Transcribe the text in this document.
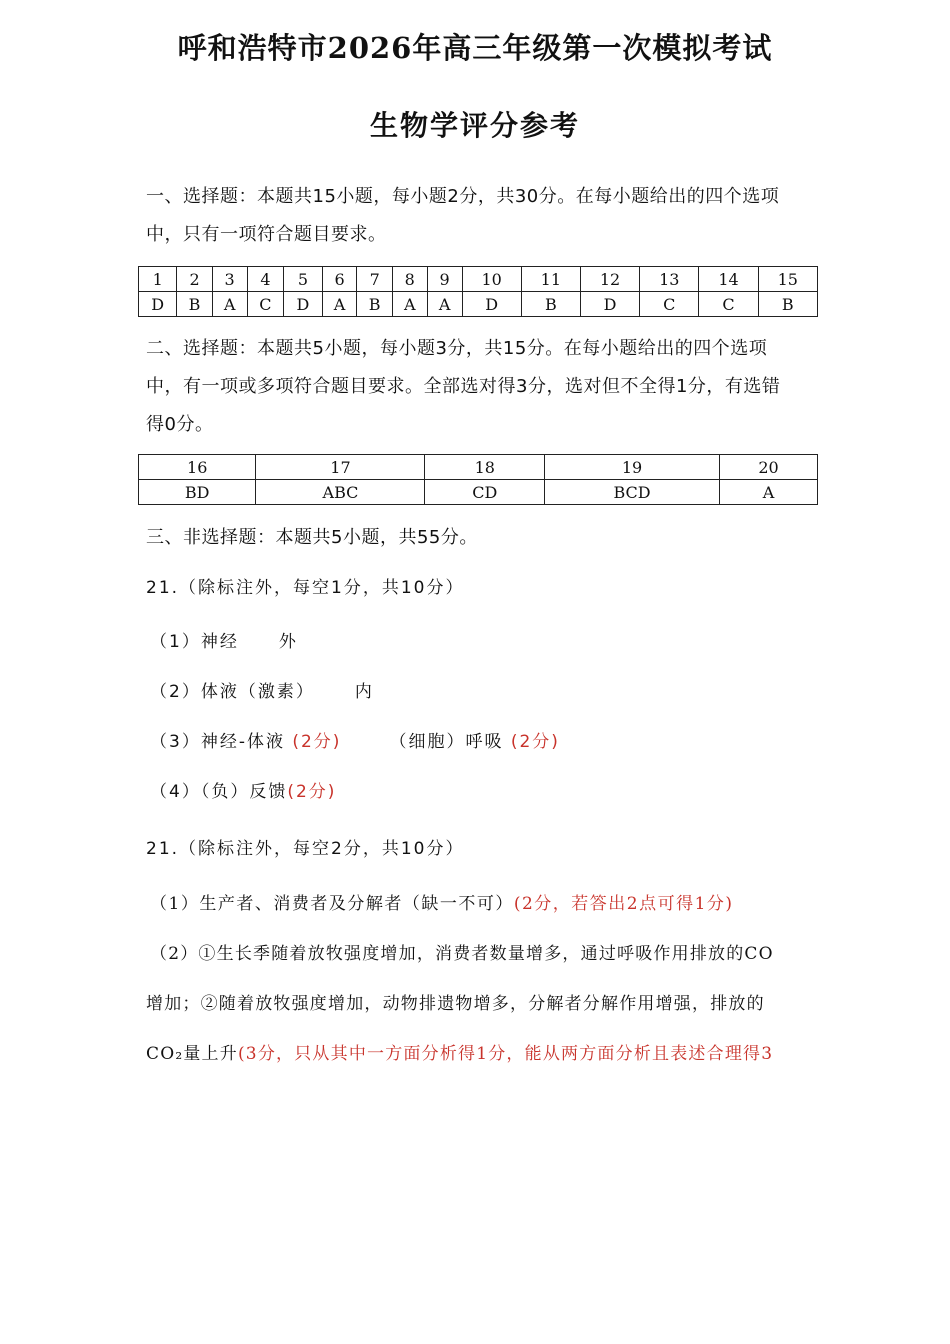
呼和浩特市2026年高三年级第一次模拟考试
生物学评分参考
一、选择题：本题共15小题，每小题2分，共30分。在每小题给出的四个选项
中，只有一项符合题目要求。
1	2	3	4	5	6	7	8	9	10	11	12	13	14	15
D	B	A	C	D	A	B	A	A	D	B	D	C	C	B
二、选择题：本题共5小题，每小题3分，共15分。在每小题给出的四个选项
中，有一项或多项符合题目要求。全部选对得3分，选对但不全得1分，有选错
得0分。
16	17	18	19	20
BD	ABC	CD	BCD	A
三、非选择题：本题共5小题，共55分。
21.（除标注外，每空1分，共10分）
（1）神经 外
（2）体液（激素） 内
（3）神经-体液 (2分)	（细胞）呼吸 (2分)
（4）（负）反馈(2分)
21.（除标注外，每空2分，共10分）
（1）生产者、消费者及分解者（缺一不可）(2分，若答出2点可得1分)
（2）①生长季随着放牧强度增加，消费者数量增多，通过呼吸作用排放的CO
增加；②随着放牧强度增加，动物排遗物增多，分解者分解作用增强，排放的
CO₂量上升(3分，只从其中一方面分析得1分，能从两方面分析且表述合理得3
